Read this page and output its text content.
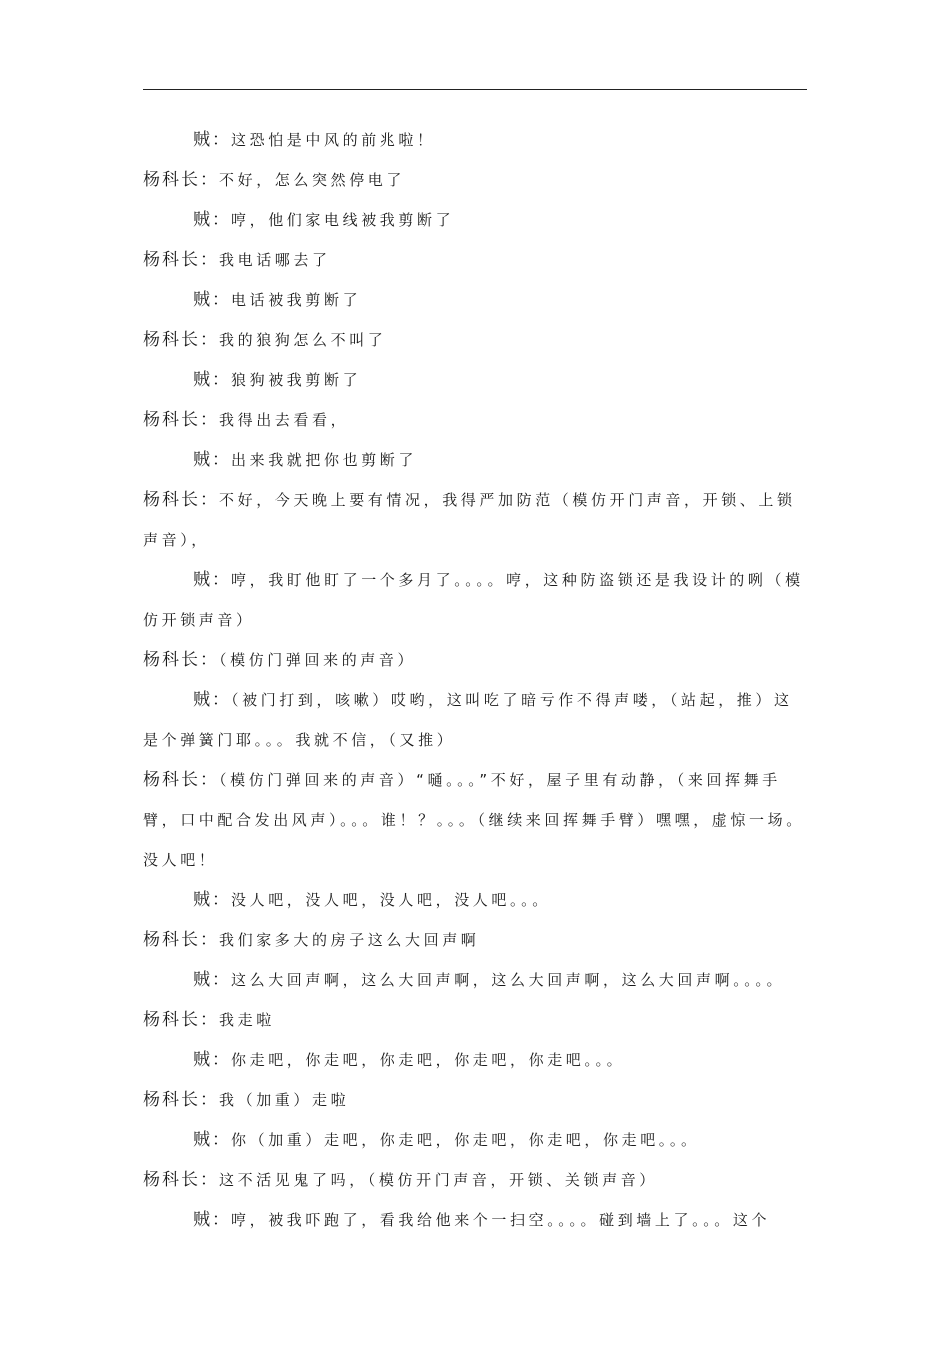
贼：这恐怕是中风的前兆啦！
杨科长：不好，怎么突然停电了
贼：哼，他们家电线被我剪断了
杨科长：我电话哪去了
贼：电话被我剪断了
杨科长：我的狼狗怎么不叫了
贼：狼狗被我剪断了
杨科长：我得出去看看，
贼：出来我就把你也剪断了
杨科长：不好，今天晚上要有情况，我得严加防范（模仿开门声音，开锁、上锁声音），
贼：哼，我盯他盯了一个多月了。。。。哼，这种防盗锁还是我设计的咧（模仿开锁声音）
杨科长：（模仿门弹回来的声音）
贼：（被门打到，咳嗽）哎哟，这叫吃了暗亏作不得声喽，（站起，推）这是个弹簧门耶。。。我就不信，（又推）
杨科长：（模仿门弹回来的声音）“嗵。。。”不好，屋子里有动静，（来回挥舞手臂，口中配合发出风声）。。。谁！？。。。（继续来回挥舞手臂）嘿嘿，虚惊一场。没人吧！
贼：没人吧，没人吧，没人吧，没人吧。。。
杨科长：我们家多大的房子这么大回声啊
贼：这么大回声啊，这么大回声啊，这么大回声啊，这么大回声啊。。。。
杨科长：我走啦
贼：你走吧，你走吧，你走吧，你走吧，你走吧。。。
杨科长：我（加重）走啦
贼：你（加重）走吧，你走吧，你走吧，你走吧，你走吧。。。
杨科长：这不活见鬼了吗，（模仿开门声音，开锁、关锁声音）
贼：哼，被我吓跑了，看我给他来个一扫空。。。。碰到墙上了。。。这个
